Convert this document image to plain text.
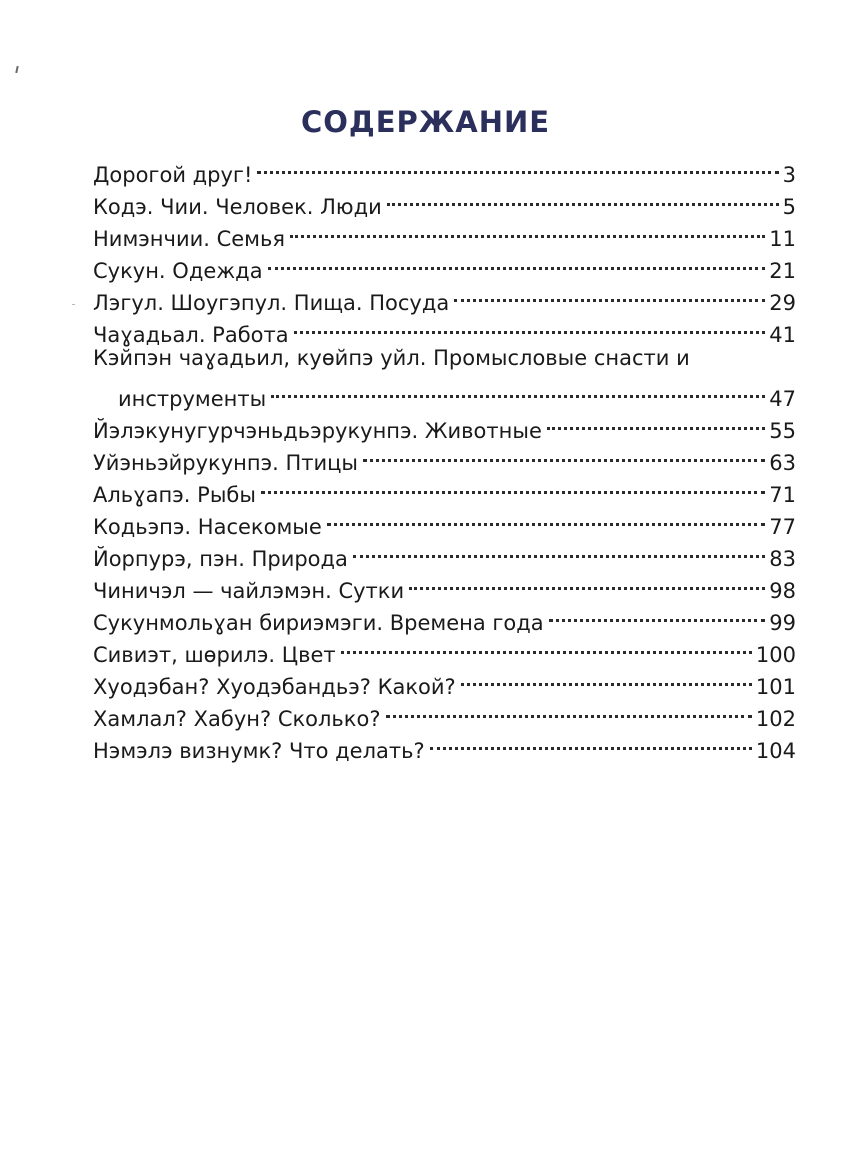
СОДЕРЖАНИЕ
Дорогой друг!	3
Кодэ. Чии. Человек. Люди	5
Нимэнчии. Семья	11
Сукун. Одежда	21
Лэгул. Шоугэпул. Пища. Посуда	29
Чаɣадьал. Работа	41
Кэйпэн чаɣадьил, куөйпэ уйл. Промысловые снасти и
инструменты	47
Йэлэкунугурчэньдьэрукунпэ. Животные	55
Уйэньэйрукунпэ. Птицы	63
Альɣапэ. Рыбы	71
Кодьэпэ. Насекомые	77
Йорпурэ, пэн. Природа	83
Чиничэл — чайлэмэн. Сутки	98
Сукунмольɣан бириэмэги. Времена года	99
Сивиэт, шөрилэ. Цвет	100
Хуодэбан? Хуодэбандьэ? Какой?	101
Хамлал? Хабун? Сколько?	102
Нэмэлэ визнумк? Что делать?	104
